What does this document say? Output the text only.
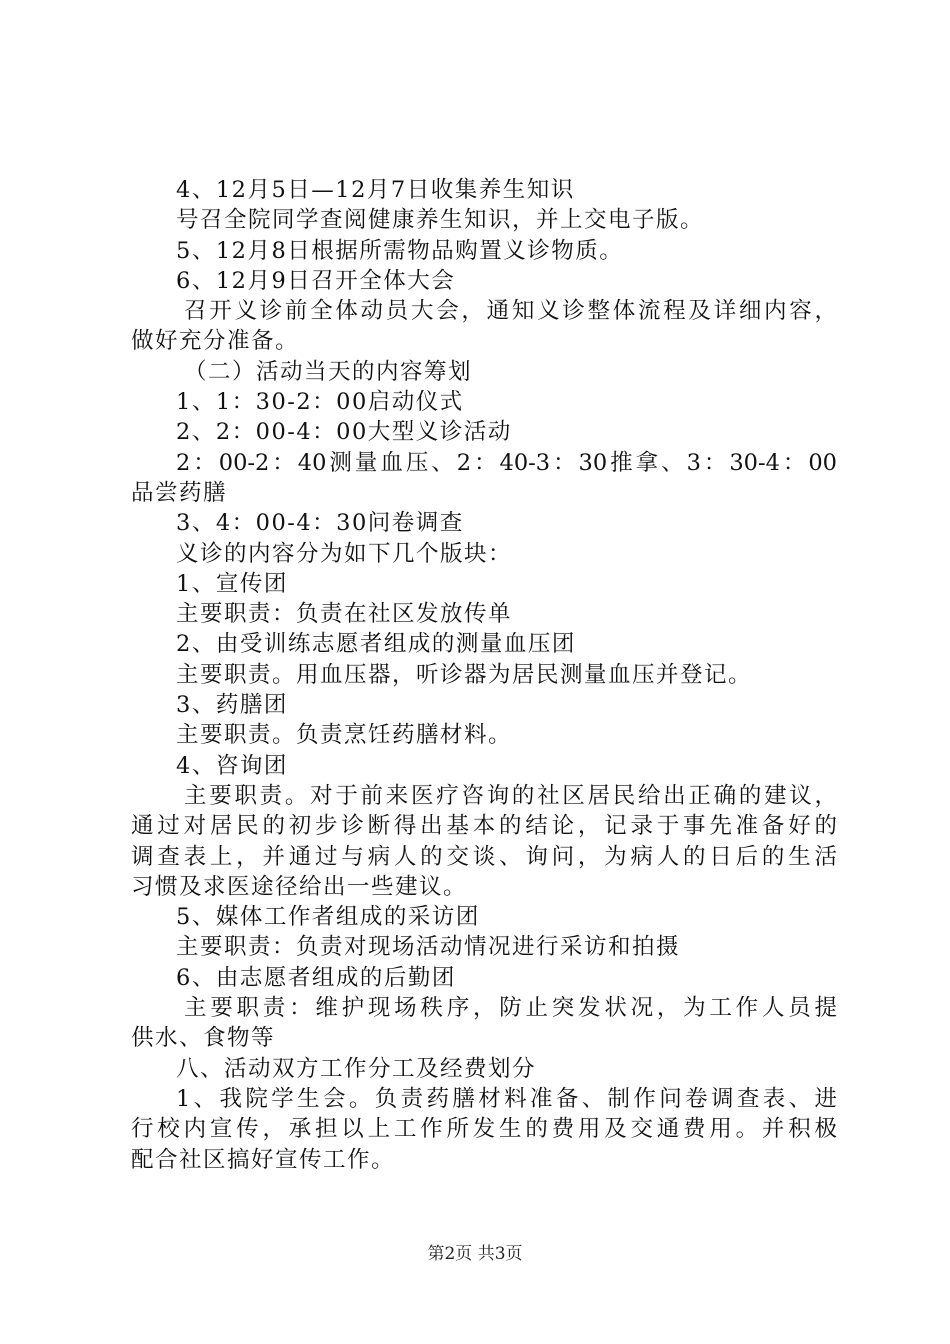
4、12月5日—12月7日收集养生知识
号召全院同学查阅健康养生知识，并上交电子版。
5、12月8日根据所需物品购置义诊物质。
6、12月9日召开全体大会
召开义诊前全体动员大会，通知义诊整体流程及详细内容，
做好充分准备。
（二）活动当天的内容筹划
1、1：30-2：00启动仪式
2、2：00-4：00大型义诊活动
2：00-2：40测量血压、2：40-3：30推拿、3：30-4：00
品尝药膳
3、4：00-4：30问卷调查
义诊的内容分为如下几个版块：
1、宣传团
主要职责：负责在社区发放传单
2、由受训练志愿者组成的测量血压团
主要职责。用血压器，听诊器为居民测量血压并登记。
3、药膳团
主要职责。负责烹饪药膳材料。
4、咨询团
主要职责。对于前来医疗咨询的社区居民给出正确的建议，
通过对居民的初步诊断得出基本的结论，记录于事先准备好的
调查表上，并通过与病人的交谈、询问，为病人的日后的生活
习惯及求医途径给出一些建议。
5、媒体工作者组成的采访团
主要职责：负责对现场活动情况进行采访和拍摄
6、由志愿者组成的后勤团
主要职责：维护现场秩序，防止突发状况，为工作人员提
供水、食物等
八、活动双方工作分工及经费划分
1、我院学生会。负责药膳材料准备、制作问卷调查表、进
行校内宣传，承担以上工作所发生的费用及交通费用。并积极
配合社区搞好宣传工作。
第2页 共3页
